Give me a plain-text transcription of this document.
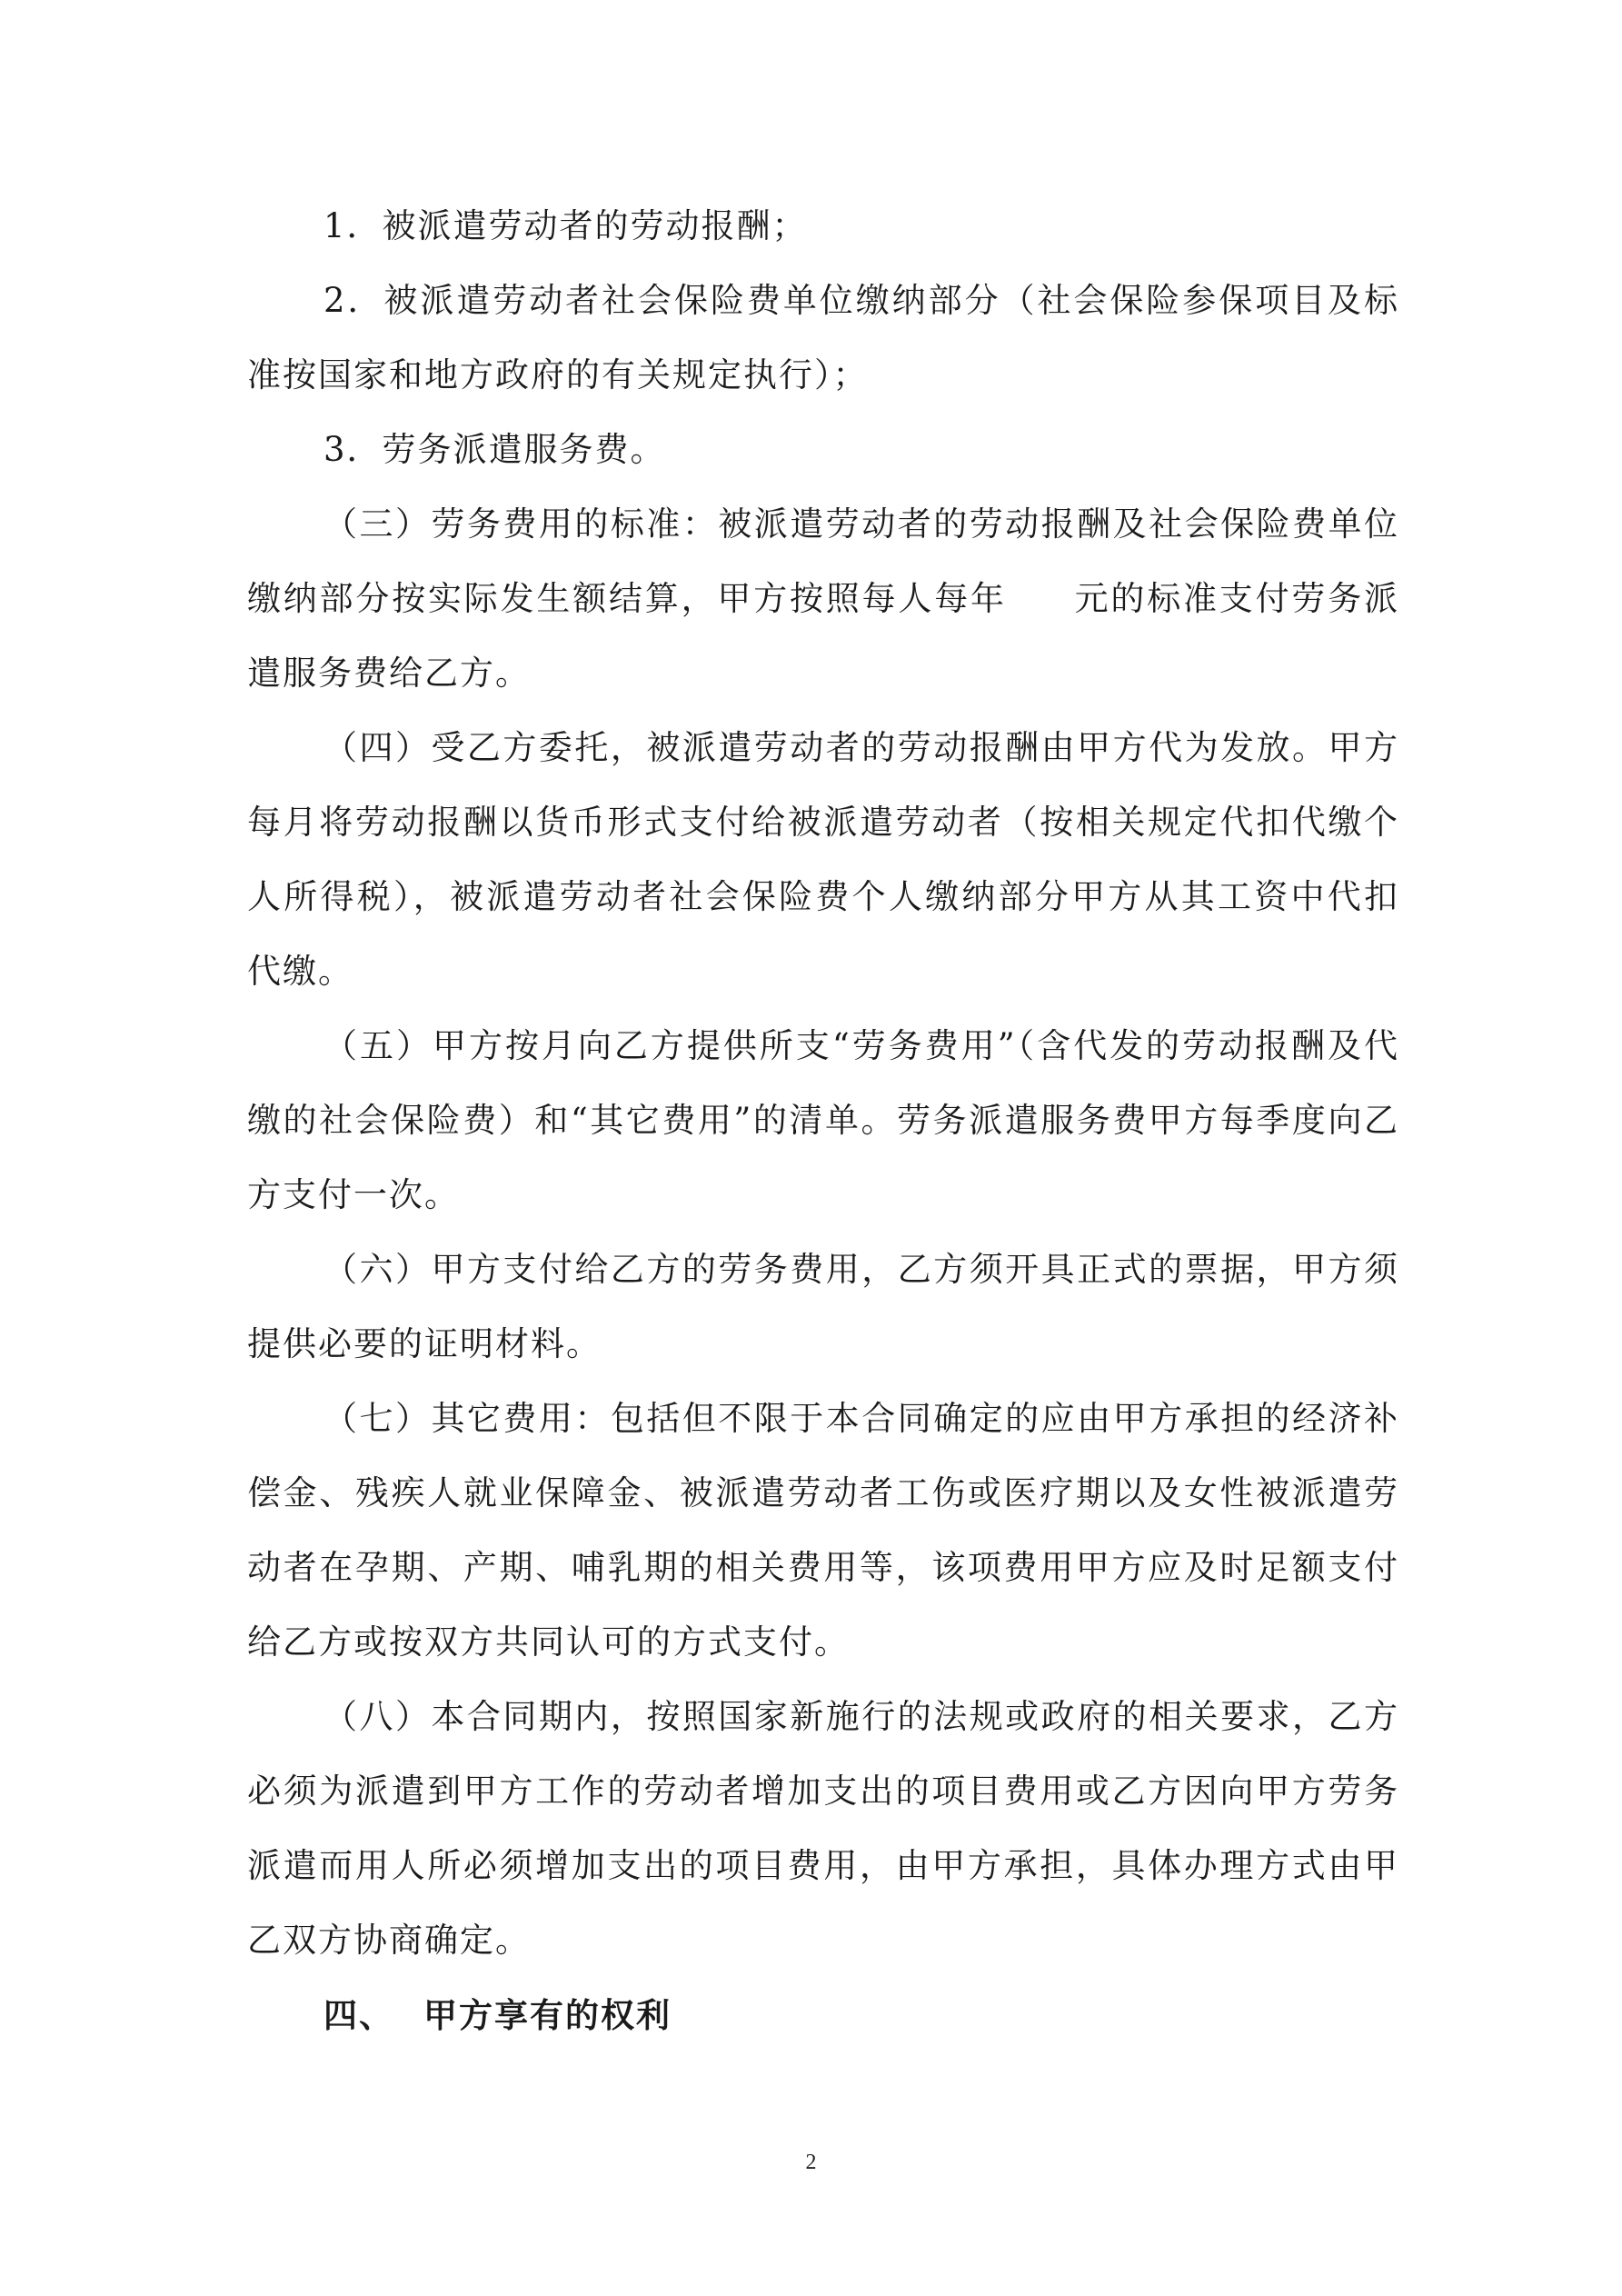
1．被派遣劳动者的劳动报酬；

2．被派遣劳动者社会保险费单位缴纳部分（社会保险参保项目及标准按国家和地方政府的有关规定执行）；

3．劳务派遣服务费。

（三）劳务费用的标准：被派遣劳动者的劳动报酬及社会保险费单位缴纳部分按实际发生额结算，甲方按照每人每年 元的标准支付劳务派遣服务费给乙方。

（四）受乙方委托，被派遣劳动者的劳动报酬由甲方代为发放。甲方每月将劳动报酬以货币形式支付给被派遣劳动者（按相关规定代扣代缴个人所得税），被派遣劳动者社会保险费个人缴纳部分甲方从其工资中代扣代缴。

（五）甲方按月向乙方提供所支“劳务费用”（含代发的劳动报酬及代缴的社会保险费）和“其它费用”的清单。劳务派遣服务费甲方每季度向乙方支付一次。

（六）甲方支付给乙方的劳务费用，乙方须开具正式的票据，甲方须提供必要的证明材料。

（七）其它费用：包括但不限于本合同确定的应由甲方承担的经济补偿金、残疾人就业保障金、被派遣劳动者工伤或医疗期以及女性被派遣劳动者在孕期、产期、哺乳期的相关费用等，该项费用甲方应及时足额支付给乙方或按双方共同认可的方式支付。

（八）本合同期内，按照国家新施行的法规或政府的相关要求，乙方必须为派遣到甲方工作的劳动者增加支出的项目费用或乙方因向甲方劳务派遣而用人所必须增加支出的项目费用，由甲方承担，具体办理方式由甲乙双方协商确定。

四、 甲方享有的权利

2
